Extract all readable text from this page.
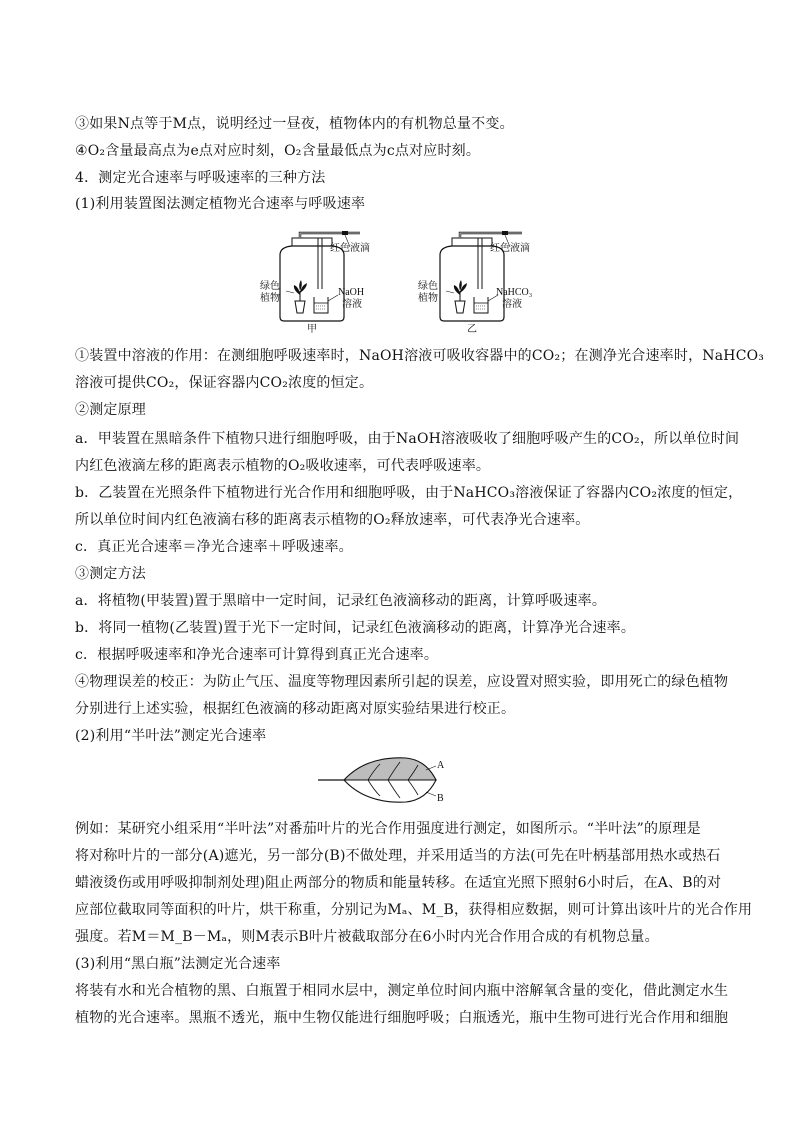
③如果N点等于M点，说明经过一昼夜，植物体内的有机物总量不变。
④O₂含量最高点为e点对应时刻，O₂含量最低点为c点对应时刻。
4．测定光合速率与呼吸速率的三种方法
(1)利用装置图法测定植物光合速率与呼吸速率
红色液滴
绿色
植物
NaOH
溶液
甲
红色液滴
绿色
植物
NaHCO₃
溶液
乙
①装置中溶液的作用：在测细胞呼吸速率时，NaOH溶液可吸收容器中的CO₂；在测净光合速率时，NaHCO₃
溶液可提供CO₂，保证容器内CO₂浓度的恒定。
②测定原理
a．甲装置在黑暗条件下植物只进行细胞呼吸，由于NaOH溶液吸收了细胞呼吸产生的CO₂，所以单位时间
内红色液滴左移的距离表示植物的O₂吸收速率，可代表呼吸速率。
b．乙装置在光照条件下植物进行光合作用和细胞呼吸，由于NaHCO₃溶液保证了容器内CO₂浓度的恒定，
所以单位时间内红色液滴右移的距离表示植物的O₂释放速率，可代表净光合速率。
c．真正光合速率＝净光合速率＋呼吸速率。
③测定方法
a．将植物(甲装置)置于黑暗中一定时间，记录红色液滴移动的距离，计算呼吸速率。
b．将同一植物(乙装置)置于光下一定时间，记录红色液滴移动的距离，计算净光合速率。
c．根据呼吸速率和净光合速率可计算得到真正光合速率。
④物理误差的校正：为防止气压、温度等物理因素所引起的误差，应设置对照实验，即用死亡的绿色植物
分别进行上述实验，根据红色液滴的移动距离对原实验结果进行校正。
(2)利用“半叶法”测定光合速率
A
B
例如：某研究小组采用“半叶法”对番茄叶片的光合作用强度进行测定，如图所示。“半叶法”的原理是
将对称叶片的一部分(A)遮光，另一部分(B)不做处理，并采用适当的方法(可先在叶柄基部用热水或热石
蜡液烫伤或用呼吸抑制剂处理)阻止两部分的物质和能量转移。在适宜光照下照射6小时后，在A、B的对
应部位截取同等面积的叶片，烘干称重，分别记为Mₐ、M_B，获得相应数据，则可计算出该叶片的光合作用
强度。若M＝M_B－Mₐ，则M表示B叶片被截取部分在6小时内光合作用合成的有机物总量。
(3)利用“黑白瓶”法测定光合速率
将装有水和光合植物的黑、白瓶置于相同水层中，测定单位时间内瓶中溶解氧含量的变化，借此测定水生
植物的光合速率。黑瓶不透光，瓶中生物仅能进行细胞呼吸；白瓶透光，瓶中生物可进行光合作用和细胞
